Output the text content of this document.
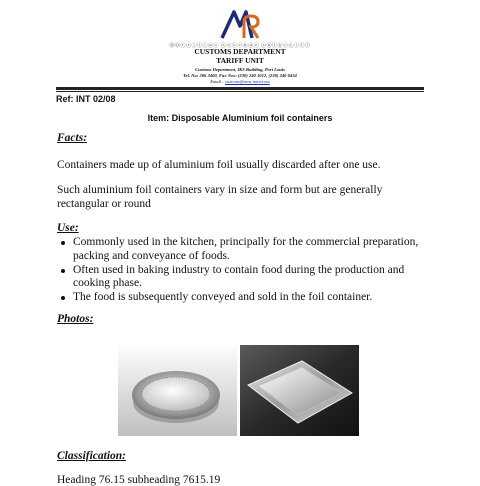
ⓂⓄⓡⓡⓘⓣⓘⓤⓢ ⓡⓔⓥⓔⓝⓤⓔ ⓐⓤⓣⓗⓞⓡⓘⓣⓨ
CUSTOMS DEPARTMENT
TARIFF UNIT
Customs Department, IKS Building, Port Louis
Tel. No: 206 3400, Fax Nos: (230) 240 1012, (230) 240 0434
Email : customs@mra.intnet.mu
Ref: INT 02/08
Item: Disposable Aluminium foil containers
Facts:
Containers made up of aluminium foil usually discarded after one use.
Such aluminium foil containers vary in size and form but are generally rectangular or round
Use:
Commonly used in the kitchen, principally for the commercial preparation, packing and conveyance of foods.
Often used in baking industry to contain food during the production and cooking phase.
The food is subsequently conveyed and sold in the foil container.
Photos:
Classification:
Heading 76.15 subheading 7615.19
